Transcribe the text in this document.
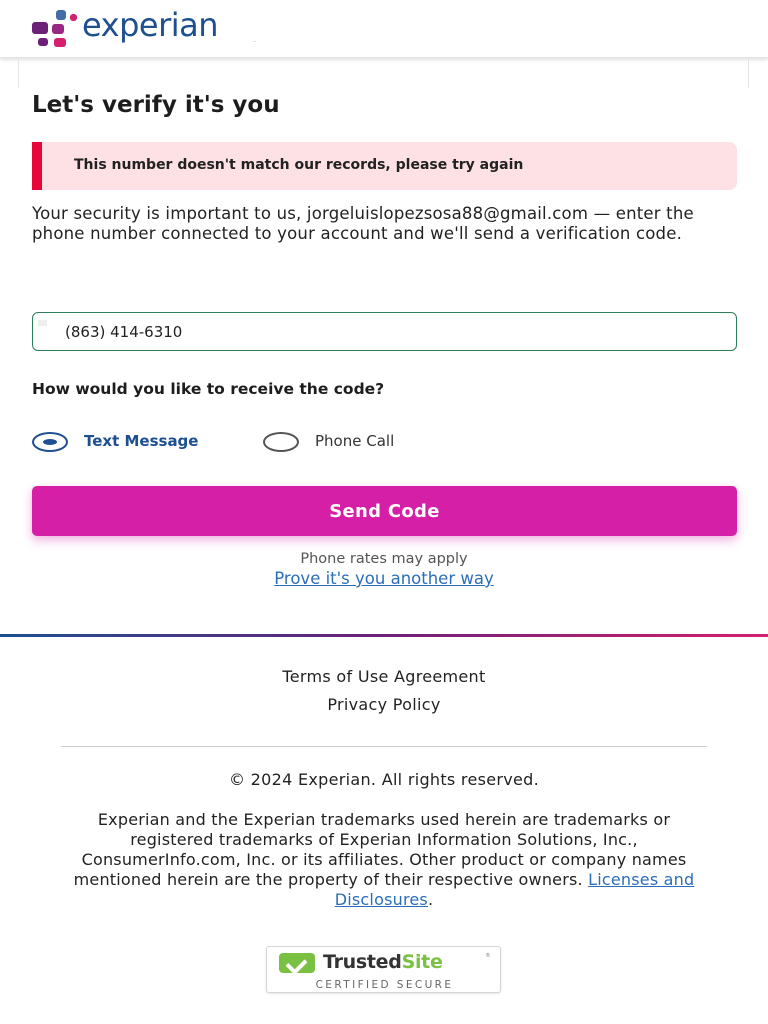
experian	.
Let's verify it's you
This number doesn't match our records, please try again

Your security is important to us, jorgeluislopezsosa88@gmail.com — enter the phone number connected to your account and we'll send a verification code.

(863) 414-6310
How would you like to receive the code?
Text Message	Phone Call
Send Code
Phone rates may apply
Prove it's you another way
Terms of Use Agreement
Privacy Policy
© 2024 Experian. All rights reserved.

Experian and the Experian trademarks used herein are trademarks or registered trademarks of Experian Information Solutions, Inc., ConsumerInfo.com, Inc. or its affiliates. Other product or company names mentioned herein are the property of their respective owners. Licenses and Disclosures.

TrustedSite	®
CERTIFIED SECURE
